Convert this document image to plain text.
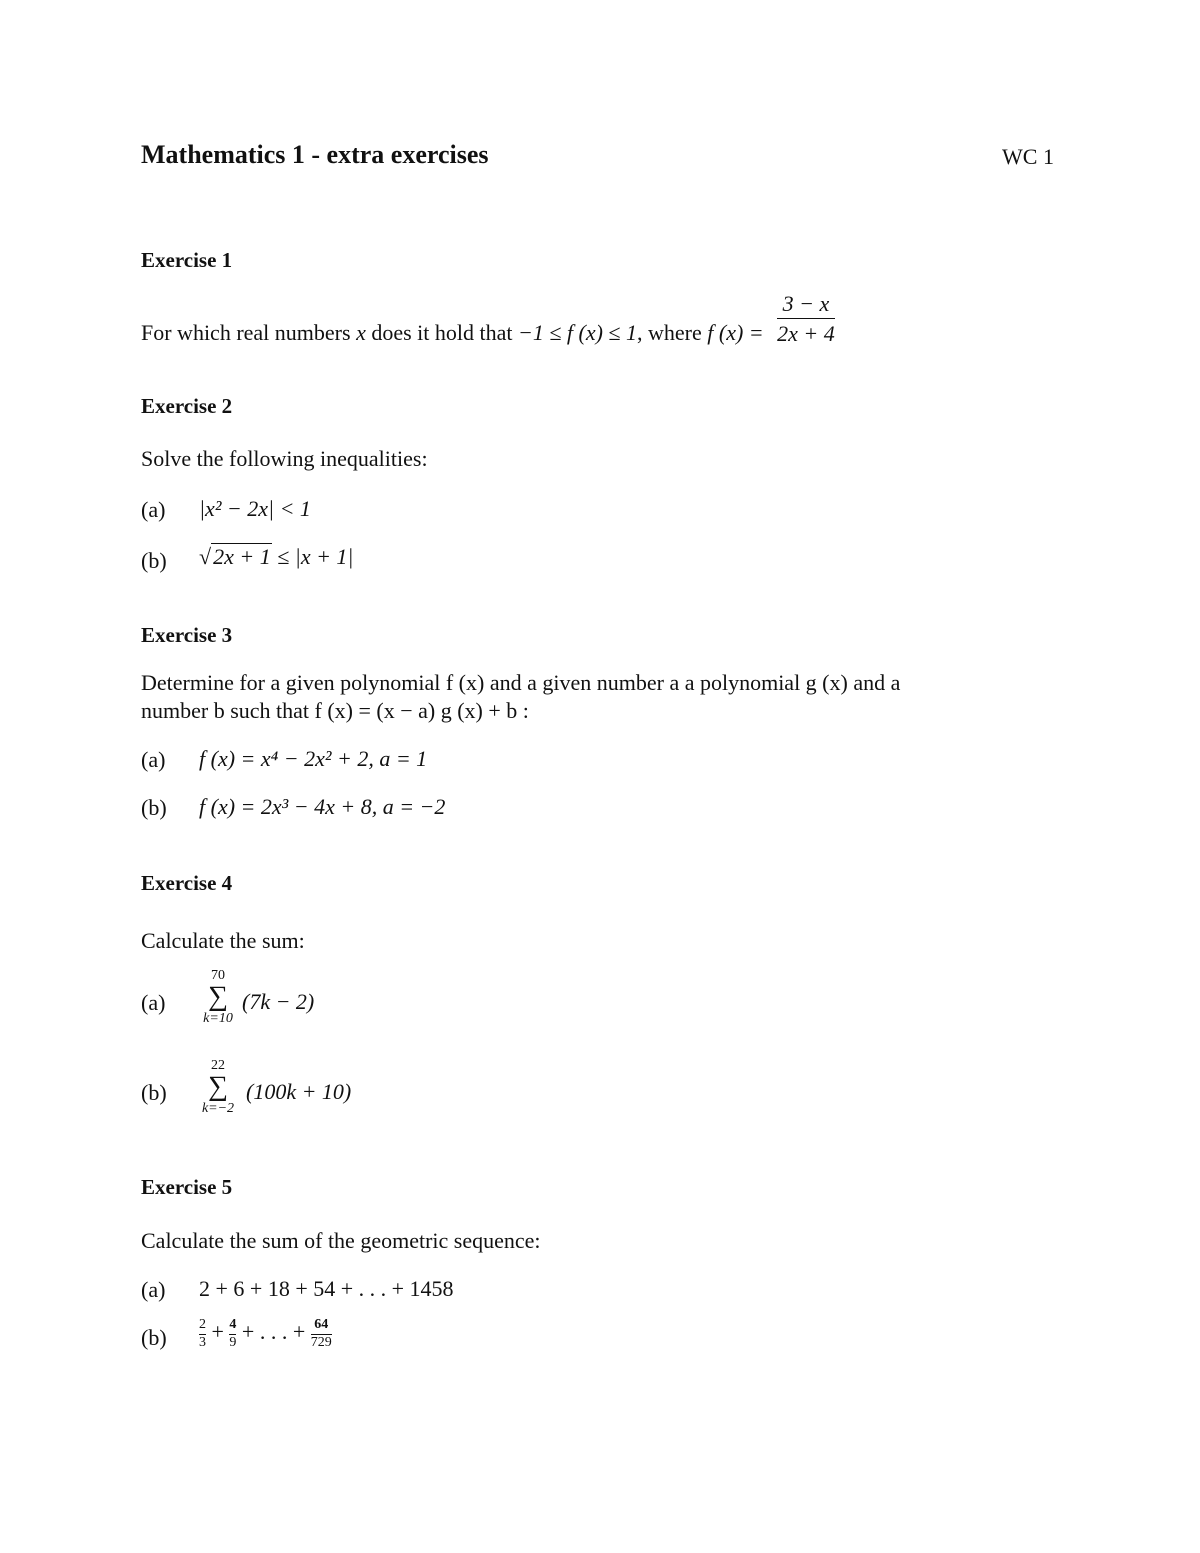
Mathematics 1 - extra exercises	WC 1
Exercise 1
For which real numbers x does it hold that −1 ≤ f (x) ≤ 1, where f $(x) = \frac{3 - x}{2x + 4}$
Exercise 2
Solve the following inequalities:
(a) |x² − 2x| < 1
(b) √2x + 1 ≤ |x + 1|
Exercise 3
Determine for a given polynomial f (x) and a given number a a polynomial g (x) and a
number b such that f (x) = (x − a) g (x) + b :
(a) f (x) = x⁴ − 2x² + 2, a = 1
(b) f (x) = 2x³ − 4x + 8, a = −2
Exercise 4
Calculate the sum:
(a)
70
∑
k=10
(7k − 2)
(b)
22
∑
k=−2
(100k + 10)
Exercise 5
Calculate the sum of the geometric sequence:
(a) 2 + 6 + 18 + 54 + . . . + 1458
$(b) \frac{2}{3} + \frac{4}{9}$ + . . . + $\frac{64}{729}$
